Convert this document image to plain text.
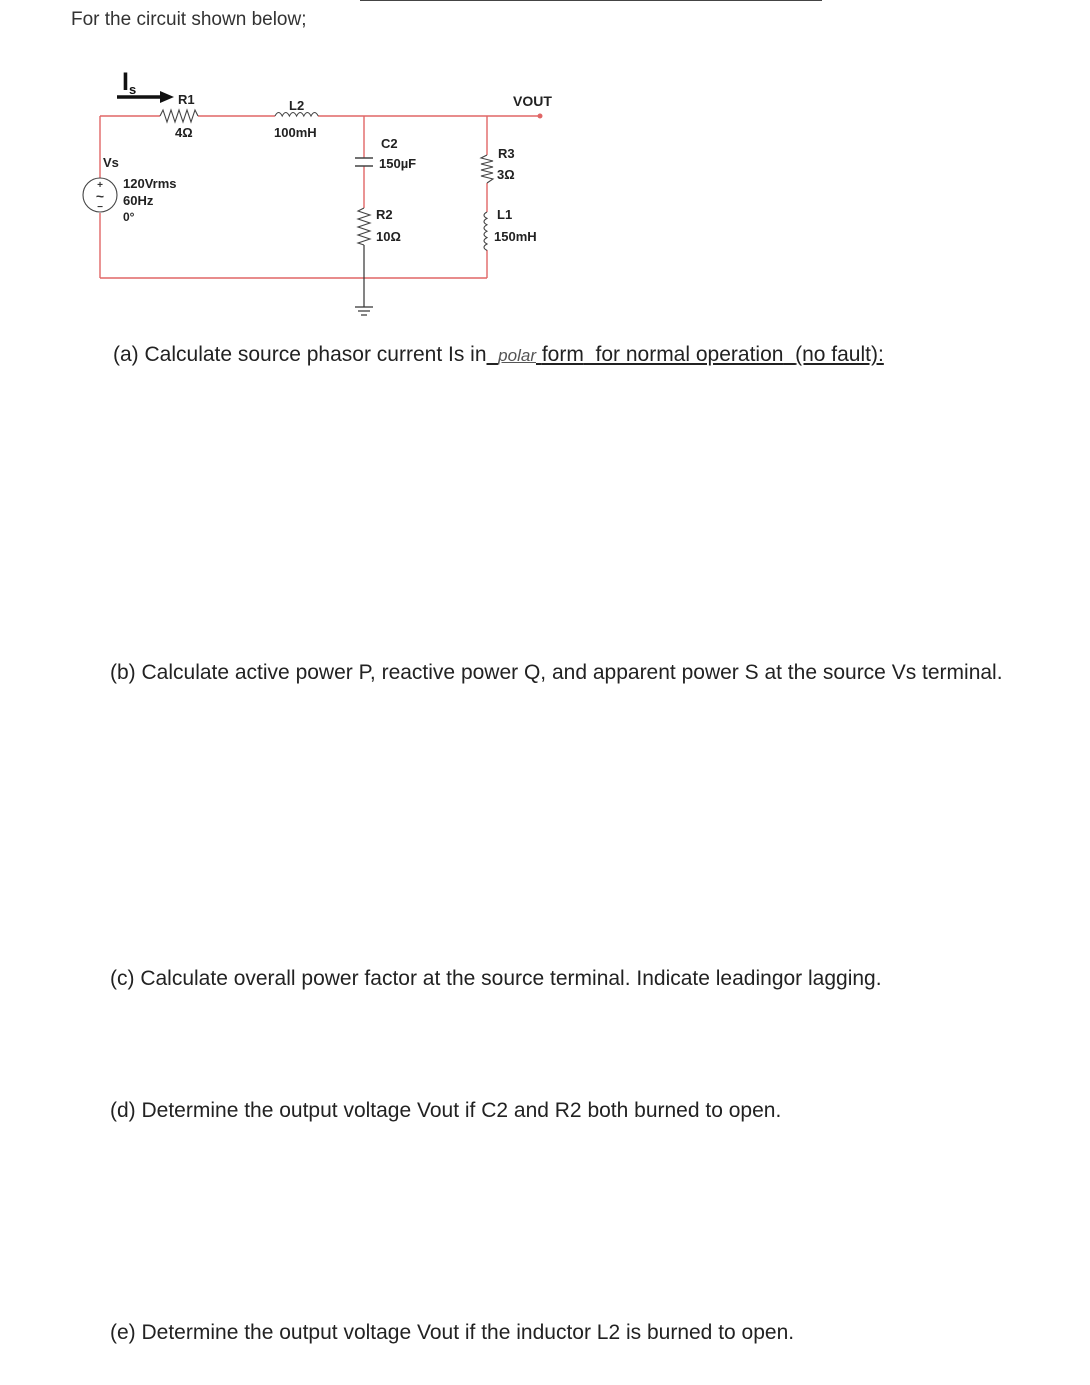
For the circuit shown below;
+
~
−
Is
R1
4Ω
L2
100mH
C2
150µF
R2
10Ω
R3
3Ω
L1
150mH
VOUT
Vs
120Vrms
60Hz
0°
(a) Calculate source phasor current Is in polar form for normal operation (no fault):
(b) Calculate active power P, reactive power Q, and apparent power S at the source Vs terminal.
(c) Calculate overall power factor at the source terminal. Indicate leadingor lagging.
(d) Determine the output voltage Vout if C2 and R2 both burned to open.
(e) Determine the output voltage Vout if the inductor L2 is burned to open.
